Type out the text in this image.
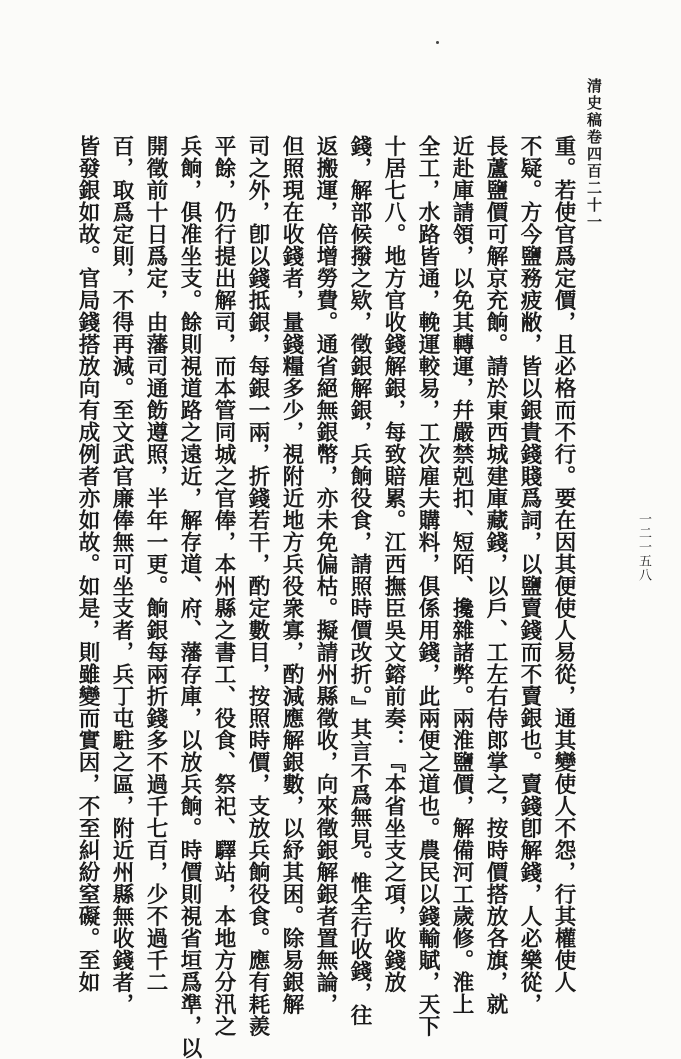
清史稿卷四百二十一
一二一五八
重。若使官爲定價，且必格而不行。要在因其便使人易從，通其變使人不怨，行其權使人
不疑。方今鹽務疲敝，皆以銀貴錢賤爲詞，以鹽賣錢而不賣銀也。賣錢卽解錢，人必樂從，
長蘆鹽價可解京充餉。請於東西城建庫藏錢，以戶、工左右侍郎掌之，按時價搭放各旗，就
近赴庫請領，以免其轉運，幷嚴禁剋扣、短陌、攙雜諸弊。兩淮鹽價，解備河工歲修。淮上
全工，水路皆通，輓運較易，工次雇夫購料，俱係用錢，此兩便之道也。農民以錢輸賦，天下
十居七八。地方官收錢解銀，每致賠累。江西撫臣吳文鎔前奏：『本省坐支之項，收錢放
錢，解部候撥之欵，徵銀解銀，兵餉役食，請照時價改折。』其言不爲無見。惟全行收錢，往
返搬運，倍增勞費。通省絕無銀幣，亦未免偏枯。擬請州縣徵收，向來徵銀解銀者置無論，
但照現在收錢者，量錢糧多少，視附近地方兵役衆寡，酌減應解銀數，以紓其困。除易銀解
司之外，卽以錢抵銀，每銀一兩，折錢若干，酌定數目，按照時價，支放兵餉役食。應有耗羨
平餘，仍行提出解司，而本管同城之官俸，本州縣之書工、役食、祭祀、驛站，本地方分汛之
兵餉，俱准坐支。餘則視道路之遠近，解存道、府、藩存庫，以放兵餉。時價則視省垣爲準，以
開徵前十日爲定，由藩司通飭遵照，半年一更。餉銀每兩折錢多不過千七百，少不過千二
百，取爲定則，不得再減。至文武官廉俸無可坐支者，兵丁屯駐之區，附近州縣無收錢者，
皆發銀如故。官局錢搭放向有成例者亦如故。如是，則雖變而實因，不至糾紛窒礙。至如
